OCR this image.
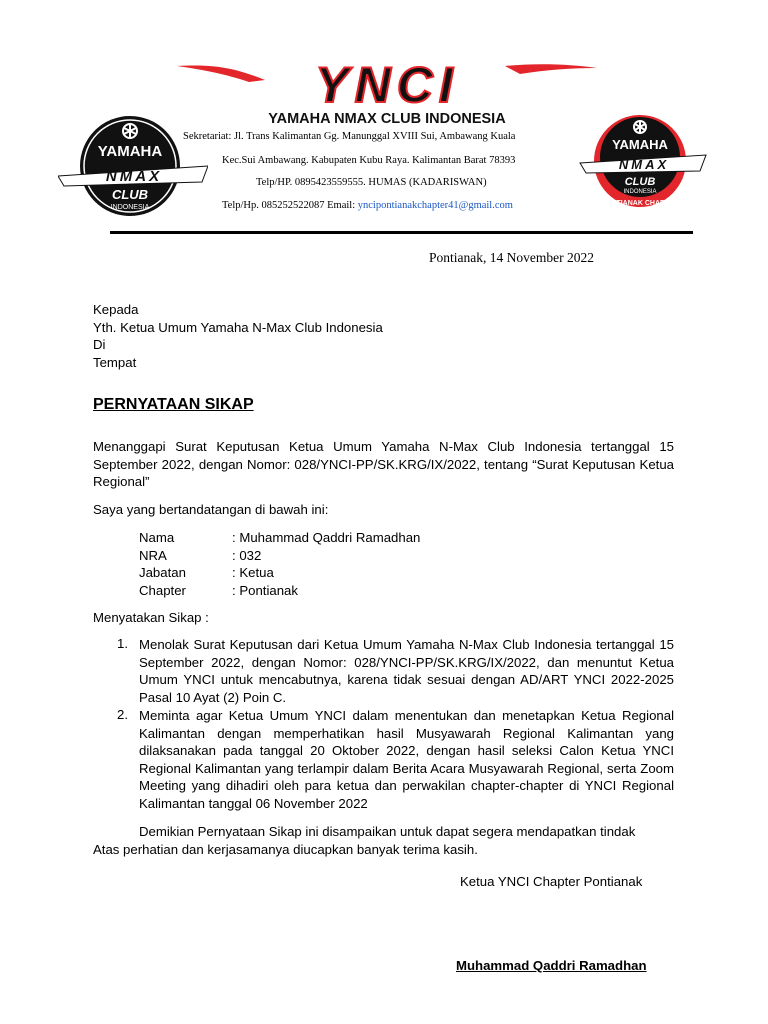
YNCI
YAMAHA NMAX CLUB INDONESIA
YAMAHA
NMAX
CLUB
INDONESIA
YAMAHA
NMAX
CLUB
INDONESIA
PONTIANAK CHAPTER
Sekretariat: Jl. Trans Kalimantan Gg. Manunggal XVIII Sui, Ambawang Kuala
Kec.Sui Ambawang. Kabupaten Kubu Raya. Kalimantan Barat 78393
Telp/HP. 0895423559555. HUMAS (KADARISWAN)
Telp/Hp. 085252522087 Email: yncipontianakchapter41@gmail.com
Pontianak, 14 November 2022
Kepada
Yth. Ketua Umum Yamaha N-Max Club Indonesia
Di
Tempat
PERNYATAAN SIKAP
Menanggapi Surat Keputusan Ketua Umum Yamaha N-Max Club Indonesia tertanggal 15 September 2022, dengan Nomor: 028/YNCI-PP/SK.KRG/IX/2022, tentang “Surat Keputusan Ketua Regional”
Saya yang bertandatangan di bawah ini:
Nama	: Muhammad Qaddri Ramadhan
NRA	: 032
Jabatan	: Ketua
Chapter	: Pontianak
Menyatakan Sikap :
1. Menolak Surat Keputusan dari Ketua Umum Yamaha N-Max Club Indonesia tertanggal 15 September 2022, dengan Nomor: 028/YNCI-PP/SK.KRG/IX/2022, dan menuntut Ketua Umum YNCI untuk mencabutnya, karena tidak sesuai dengan AD/ART YNCI 2022-2025 Pasal 10 Ayat (2) Poin C.
2. Meminta agar Ketua Umum YNCI dalam menentukan dan menetapkan Ketua Regional Kalimantan dengan memperhatikan hasil Musyawarah Regional Kalimantan yang dilaksanakan pada tanggal 20 Oktober 2022, dengan hasil seleksi Calon Ketua YNCI Regional Kalimantan yang terlampir dalam Berita Acara Musyawarah Regional, serta Zoom Meeting yang dihadiri oleh para ketua dan perwakilan chapter-chapter di YNCI Regional Kalimantan tanggal 06 November 2022
Demikian Pernyataan Sikap ini disampaikan untuk dapat segera mendapatkan tindak
Atas perhatian dan kerjasamanya diucapkan banyak terima kasih.
Ketua YNCI Chapter Pontianak
Muhammad Qaddri Ramadhan
